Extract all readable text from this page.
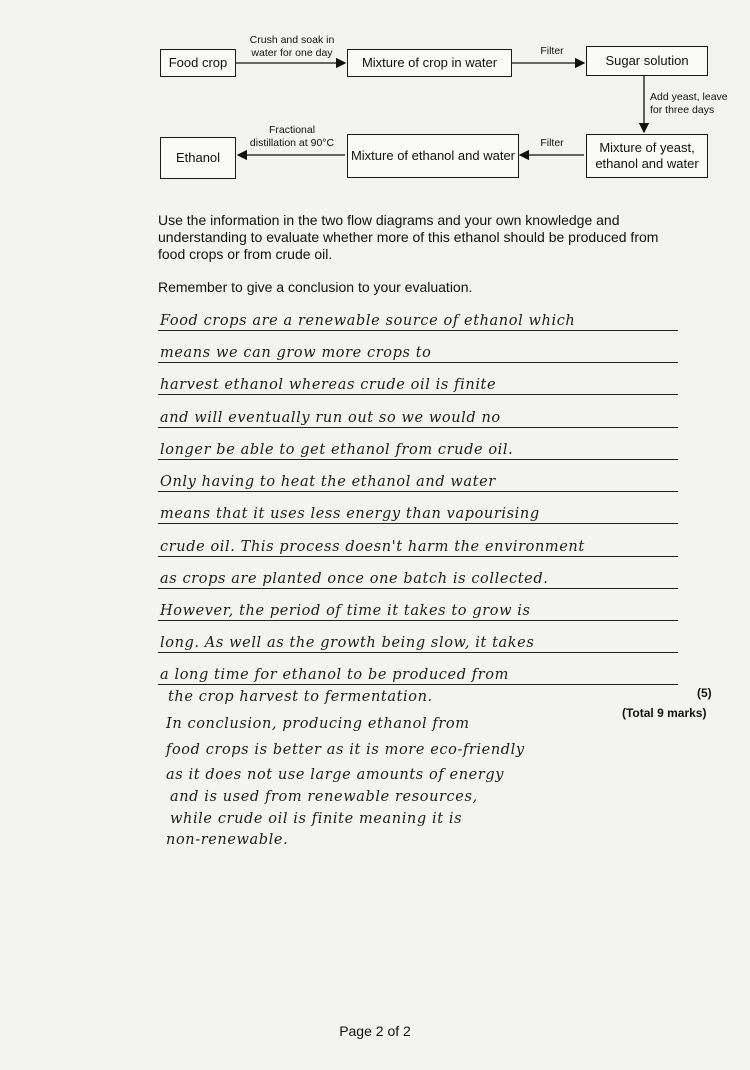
Food crop	Mixture of crop in water	Sugar solution
Mixture of yeast,
ethanol and water
Mixture of ethanol and water
Ethanol
Crush and soak in
water for one day	Filter
Add yeast, leave
for three days
Filter
Fractional
distillation at 90°C
Use the information in the two flow diagrams and your own knowledge and
understanding to evaluate whether more of this ethanol should be produced from
food crops or from crude oil.
Remember to give a conclusion to your evaluation.
Food crops are a renewable source of ethanol which
means we can grow more crops to
harvest ethanol whereas crude oil is finite
and will eventually run out so we would no
longer be able to get ethanol from crude oil.
Only having to heat the ethanol and water
means that it uses less energy than vapourising
crude oil. This process doesn't harm the environment
as crops are planted once one batch is collected.
However, the period of time it takes to grow is
long. As well as the growth being slow, it takes
a long time for ethanol to be produced from
the crop harvest to fermentation.
In conclusion, producing ethanol from
food crops is better as it is more eco-friendly
as it does not use large amounts of energy
and is used from renewable resources,
while crude oil is finite meaning it is
non-renewable.
(5)
(Total 9 marks)
Page 2 of 2
